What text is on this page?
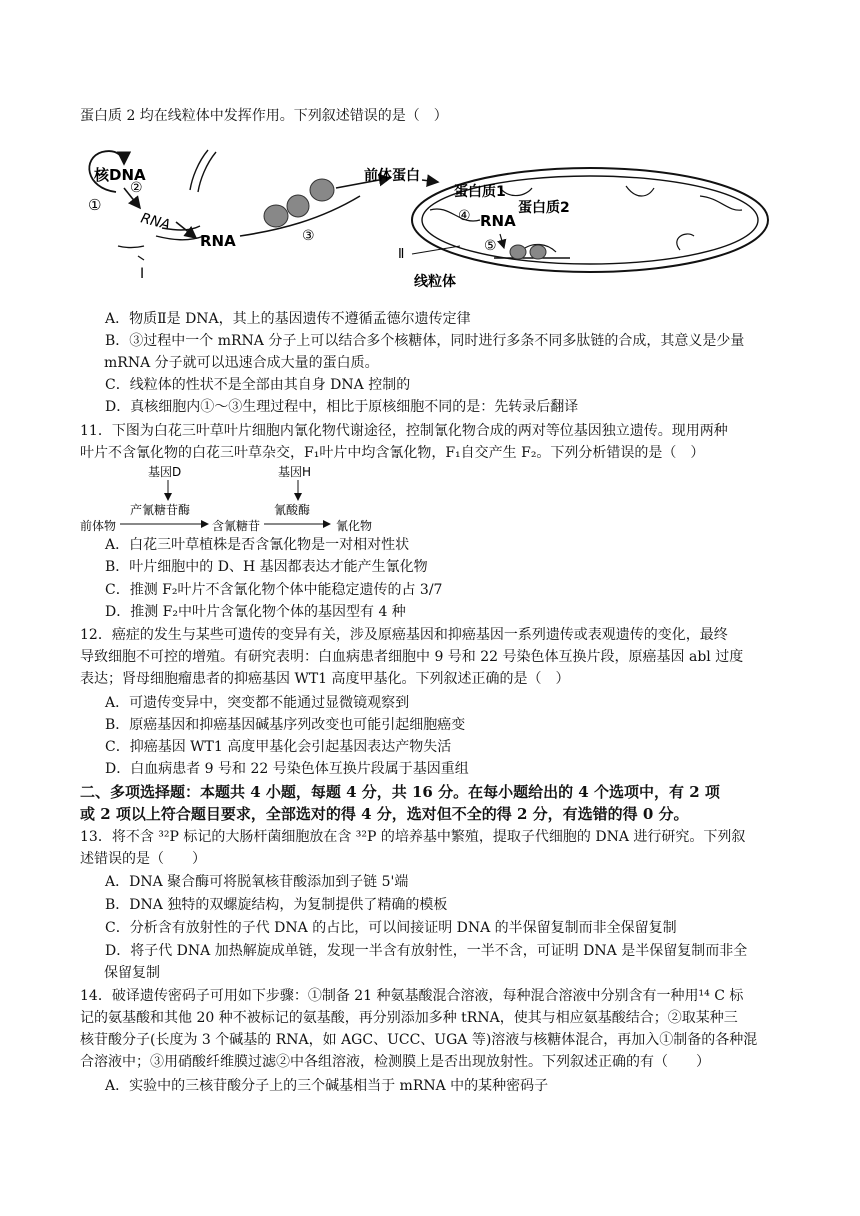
蛋白质 2 均在线粒体中发挥作用。下列叙述错误的是（　）
核DNA
①
②
RNA
I
RNA	③
前体蛋白
蛋白质1
④ RNA
蛋白质2
⑤
Ⅱ
线粒体
A．物质Ⅱ是 DNA，其上的基因遗传不遵循孟德尔遗传定律
B．③过程中一个 mRNA 分子上可以结合多个核糖体，同时进行多条不同多肽链的合成，其意义是少量
mRNA 分子就可以迅速合成大量的蛋白质。
C．线粒体的性状不是全部由其自身 DNA 控制的
D．真核细胞内①～③生理过程中，相比于原核细胞不同的是：先转录后翻译
11．下图为白花三叶草叶片细胞内氰化物代谢途径，控制氰化物合成的两对等位基因独立遗传。现用两种
叶片不含氰化物的白花三叶草杂交，F₁叶片中均含氰化物，F₁自交产生 F₂。下列分析错误的是（　）
基因D	基因H
产氰糖苷酶	氰酸酶
前体物	含氰糖苷	氰化物
A．白花三叶草植株是否含氰化物是一对相对性状
B．叶片细胞中的 D、H 基因都表达才能产生氰化物
C．推测 F₂叶片不含氰化物个体中能稳定遗传的占 3/7
D．推测 F₂中叶片含氰化物个体的基因型有 4 种
12．癌症的发生与某些可遗传的变异有关，涉及原癌基因和抑癌基因一系列遗传或表观遗传的变化，最终
导致细胞不可控的增殖。有研究表明：白血病患者细胞中 9 号和 22 号染色体互换片段，原癌基因 abl 过度
表达；肾母细胞瘤患者的抑癌基因 WT1 高度甲基化。下列叙述正确的是（　）
A．可遗传变异中，突变都不能通过显微镜观察到
B．原癌基因和抑癌基因碱基序列改变也可能引起细胞癌变
C．抑癌基因 WT1 高度甲基化会引起基因表达产物失活
D．白血病患者 9 号和 22 号染色体互换片段属于基因重组
二、多项选择题：本题共 4 小题，每题 4 分，共 16 分。在每小题给出的 4 个选项中，有 2 项
或 2 项以上符合题目要求，全部选对的得 4 分，选对但不全的得 2 分，有选错的得 0 分。
13．将不含 ³²P 标记的大肠杆菌细胞放在含 ³²P 的培养基中繁殖，提取子代细胞的 DNA 进行研究。下列叙
述错误的是（　　）
A．DNA 聚合酶可将脱氧核苷酸添加到子链 5'端
B．DNA 独特的双螺旋结构，为复制提供了精确的模板
C．分析含有放射性的子代 DNA 的占比，可以间接证明 DNA 的半保留复制而非全保留复制
D．将子代 DNA 加热解旋成单链，发现一半含有放射性，一半不含，可证明 DNA 是半保留复制而非全
保留复制
14．破译遗传密码子可用如下步骤：①制备 21 种氨基酸混合溶液，每种混合溶液中分别含有一种用¹⁴ C 标
记的氨基酸和其他 20 种不被标记的氨基酸，再分别添加多种 tRNA，使其与相应氨基酸结合；②取某种三
核苷酸分子(长度为 3 个碱基的 RNA，如 AGC、UCC、UGA 等)溶液与核糖体混合，再加入①制备的各种混
合溶液中；③用硝酸纤维膜过滤②中各组溶液，检测膜上是否出现放射性。下列叙述正确的有（　　）
A．实验中的三核苷酸分子上的三个碱基相当于 mRNA 中的某种密码子
